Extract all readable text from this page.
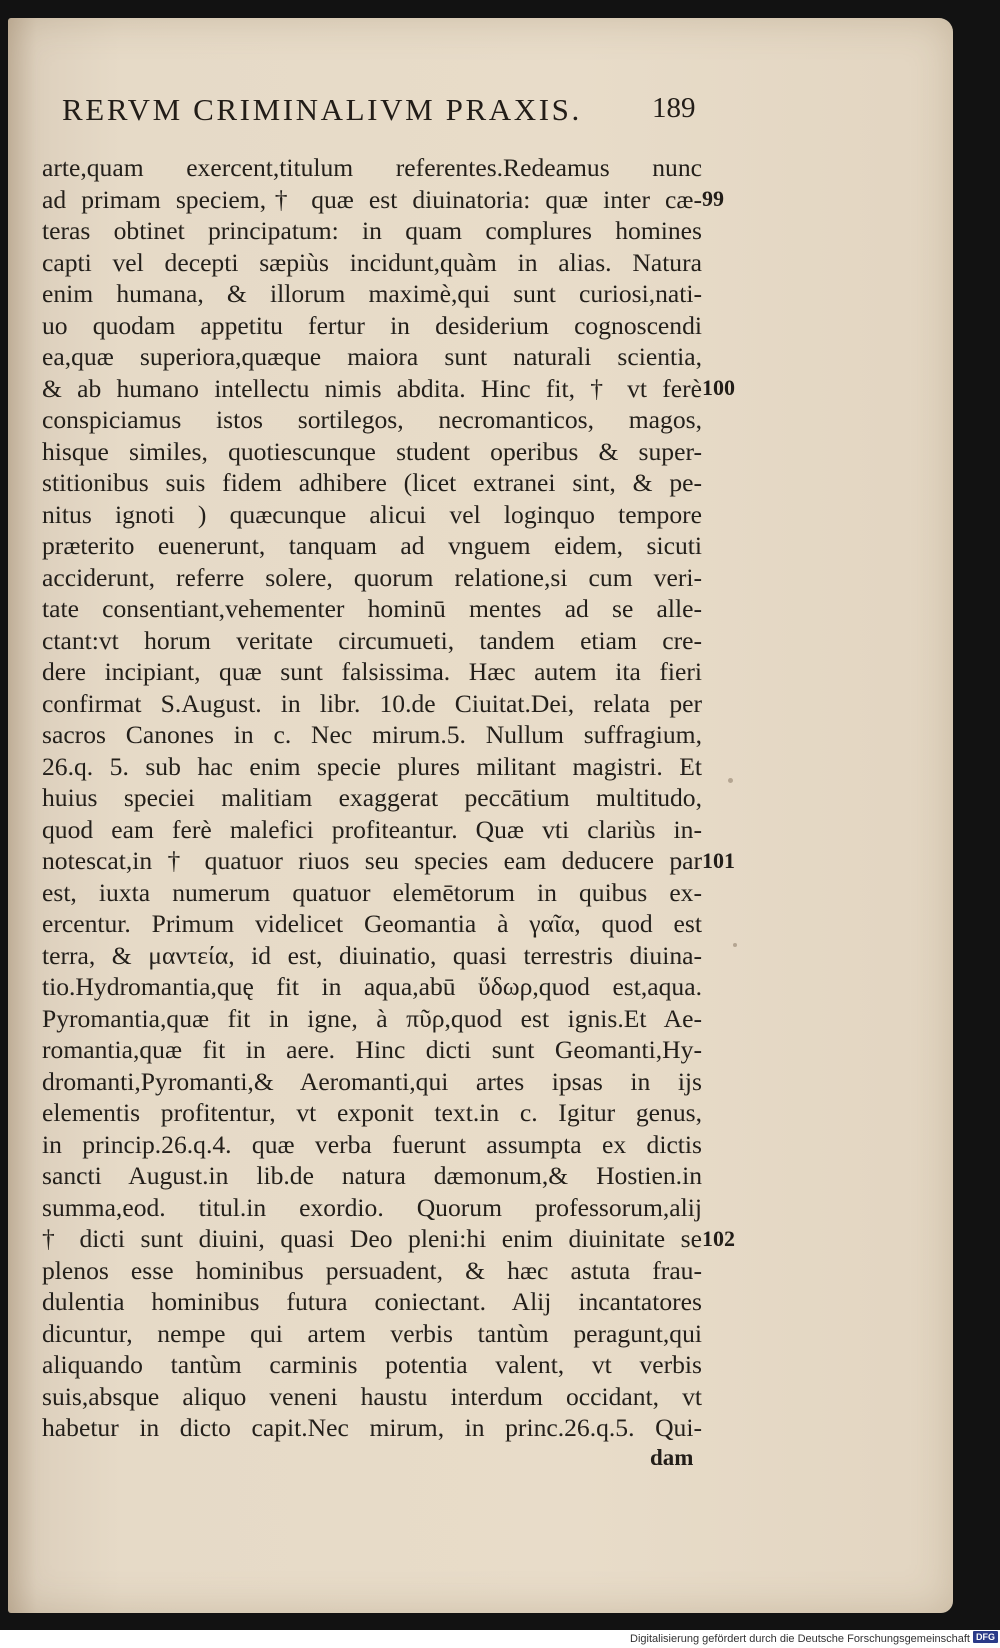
RERVM CRIMINALIVM PRAXIS.	189
arte,quam exercent,titulum referentes.Redeamus nunc
ad primam speciem,† quæ est diuinatoria: quæ inter cæ-
teras obtinet principatum: in quam complures homines
capti vel decepti sæpiùs incidunt,quàm in alias. Natura
enim humana, & illorum maximè,qui sunt curiosi,nati-
uo quodam appetitu fertur in desiderium cognoscendi
ea,quæ superiora,quæque maiora sunt naturali scientia,
& ab humano intellectu nimis abdita. Hinc fit, † vt ferè
conspiciamus istos sortilegos, necromanticos, magos,
hisque similes, quotiescunque student operibus & super-
stitionibus suis fidem adhibere (licet extranei sint, & pe-
nitus ignoti ) quæcunque alicui vel loginquo tempore
præterito euenerunt, tanquam ad vnguem eidem, sicuti
acciderunt, referre solere, quorum relatione,si cum veri-
tate consentiant,vehementer hominū mentes ad se alle-
ctant:vt horum veritate circumueti, tandem etiam cre-
dere incipiant, quæ sunt falsissima. Hæc autem ita fieri
confirmat S.August. in libr. 10.de Ciuitat.Dei, relata per
sacros Canones in c. Nec mirum.5. Nullum suffragium,
26.q. 5. sub hac enim specie plures militant magistri. Et
huius speciei malitiam exaggerat peccātium multitudo,
quod eam ferè malefici profiteantur. Quæ vti clariùs in-
notescat,in † quatuor riuos seu species eam deducere par
est, iuxta numerum quatuor elemētorum in quibus ex-
ercentur. Primum videlicet Geomantia à γαῖα, quod est
terra, & μαντεία, id est, diuinatio, quasi terrestris diuina-
tio.Hydromantia,quę fit in aqua,abū ὕδωρ,quod est,aqua.
Pyromantia,quæ fit in igne, à πῦρ,quod est ignis.Et Ae-
romantia,quæ fit in aere. Hinc dicti sunt Geomanti,Hy-
dromanti,Pyromanti,& Aeromanti,qui artes ipsas in ijs
elementis profitentur, vt exponit text.in c. Igitur genus,
in princip.26.q.4. quæ verba fuerunt assumpta ex dictis
sancti August.in lib.de natura dæmonum,& Hostien.in
summa,eod. titul.in exordio. Quorum professorum,alij
† dicti sunt diuini, quasi Deo pleni:hi enim diuinitate se
plenos esse hominibus persuadent, & hæc astuta frau-
dulentia hominibus futura coniectant. Alij incantatores
dicuntur, nempe qui artem verbis tantùm peragunt,qui
aliquando tantùm carminis potentia valent, vt verbis
suis,absque aliquo veneni haustu interdum occidant, vt
habetur in dicto capit.Nec mirum, in princ.26.q.5. Qui-
99
100
101
102
dam
Digitalisierung gefördert durch die Deutsche Forschungsgemeinschaft DFG
